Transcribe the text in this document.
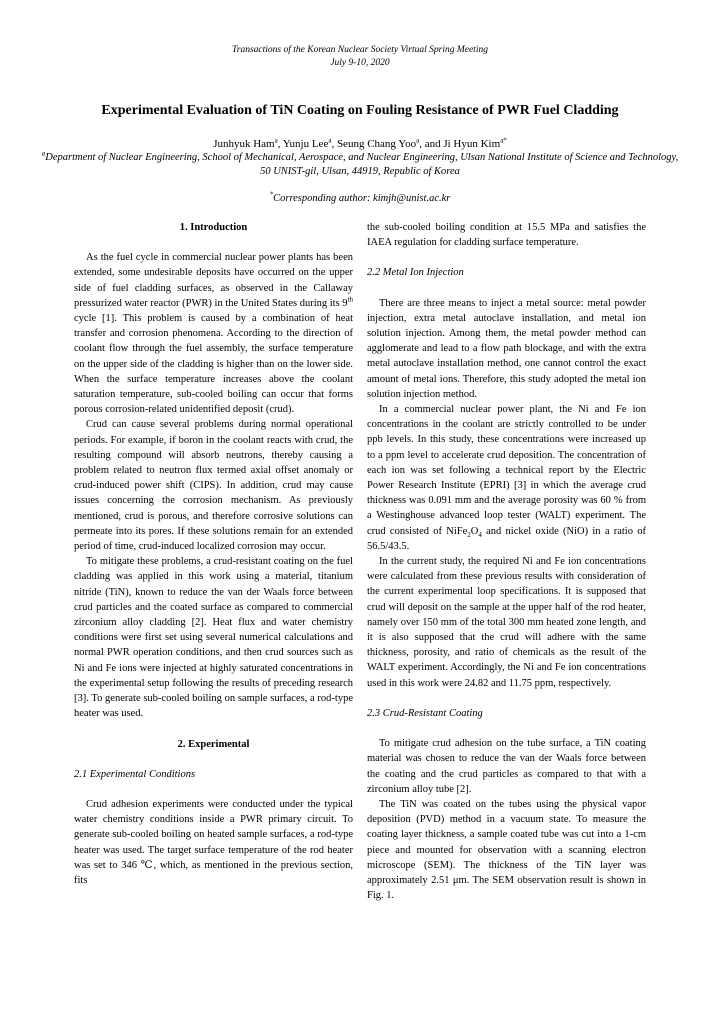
Transactions of the Korean Nuclear Society Virtual Spring Meeting
July 9-10, 2020
Experimental Evaluation of TiN Coating on Fouling Resistance of PWR Fuel Cladding
Junhyuk Ham$^a$, Yunju Lee$^a$, Seung Chang Yoo$^a$, and Ji Hyun Kim$^{a*}$
$^a$Department of Nuclear Engineering, School of Mechanical, Aerospace, and Nuclear Engineering, Ulsan National Institute of Science and Technology, 50 UNIST-gil, Ulsan, 44919, Republic of Korea
*Corresponding author: kimjh@unist.ac.kr

1. Introduction

As the fuel cycle in commercial nuclear power plants has been extended, some undesirable deposits have occurred on the upper side of fuel cladding surfaces, as observed in the Callaway pressurized water reactor (PWR) in the United States during its 9th cycle [1]. This problem is caused by a combination of heat transfer and corrosion phenomena. According to the direction of coolant flow through the fuel assembly, the surface temperature on the upper side of the cladding is higher than on the lower side. When the surface temperature increases above the coolant saturation temperature, sub-cooled boiling can occur that forms porous corrosion-related unidentified deposit (crud).

Crud can cause several problems during normal operational periods. For example, if boron in the coolant reacts with crud, the resulting compound will absorb neutrons, thereby causing a problem related to neutron flux termed axial offset anomaly or crud-induced power shift (CIPS). In addition, crud may cause issues concerning the corrosion mechanism. As previously mentioned, crud is porous, and therefore corrosive solutions can permeate into its pores. If these solutions remain for an extended period of time, crud-induced localized corrosion may occur.

To mitigate these problems, a crud-resistant coating on the fuel cladding was applied in this work using a material, titanium nitride (TiN), known to reduce the van der Waals force between crud particles and the coated surface as compared to commercial zirconium alloy cladding [2]. Heat flux and water chemistry conditions were first set using several numerical calculations and normal PWR operation conditions, and then crud sources such as Ni and Fe ions were injected at highly saturated concentrations in the experimental setup following the results of preceding research [3]. To generate sub-cooled boiling on sample surfaces, a rod-type heater was used.

2. Experimental

2.1 Experimental Conditions

Crud adhesion experiments were conducted under the typical water chemistry conditions inside a PWR primary circuit. To generate sub-cooled boiling on heated sample surfaces, a rod-type heater was used. The target surface temperature of the rod heater was set to 346 ℃, which, as mentioned in the previous section, fits

the sub-cooled boiling condition at 15.5 MPa and satisfies the IAEA regulation for cladding surface temperature.

2.2 Metal Ion Injection

There are three means to inject a metal source: metal powder injection, extra metal autoclave installation, and metal ion solution injection. Among them, the metal powder method can agglomerate and lead to a flow path blockage, and with the extra metal autoclave installation method, one cannot control the exact amount of metal ions. Therefore, this study adopted the metal ion solution injection method.

In a commercial nuclear power plant, the Ni and Fe ion concentrations in the coolant are strictly controlled to be under ppb levels. In this study, these concentrations were increased up to a ppm level to accelerate crud deposition. The concentration of each ion was set following a technical report by the Electric Power Research Institute (EPRI) [3] in which the average crud thickness was 0.091 mm and the average porosity was 60 % from a Westinghouse advanced loop tester (WALT) experiment. The crud consisted of $NiFe_2O_4$ and nickel oxide (NiO) in a ratio of 56.5/43.5.

In the current study, the required Ni and Fe ion concentrations were calculated from these previous results with consideration of the current experimental loop specifications. It is supposed that crud will deposit on the sample at the upper half of the rod heater, namely over 150 mm of the total 300 mm heated zone length, and it is also supposed that the crud will adhere with the same thickness, porosity, and ratio of chemicals as the result of the WALT experiment. Accordingly, the Ni and Fe ion concentrations used in this work were 24.82 and 11.75 ppm, respectively.

2.3 Crud-Resistant Coating

To mitigate crud adhesion on the tube surface, a TiN coating material was chosen to reduce the van der Waals force between the coating and the crud particles as compared to that with a zirconium alloy tube [2].

The TiN was coated on the tubes using the physical vapor deposition (PVD) method in a vacuum state. To measure the coating layer thickness, a sample coated tube was cut into a 1-cm piece and mounted for observation with a scanning electron microscope (SEM). The thickness of the TiN layer was approximately 2.51 μm. The SEM observation result is shown in Fig. 1.
